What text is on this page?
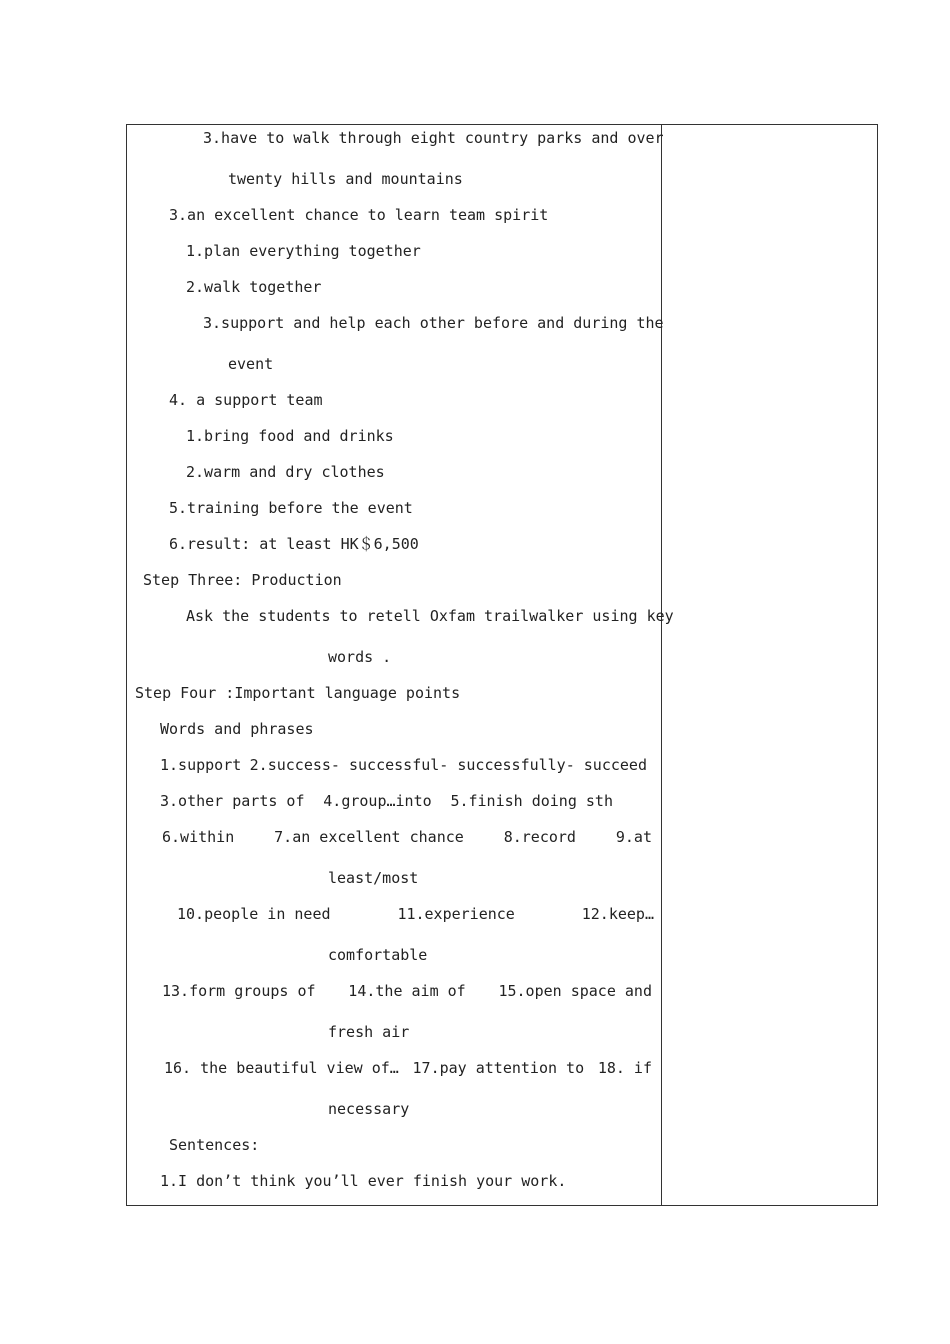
3.have to walk through eight country parks and over
twenty hills and mountains
3.an excellent chance to learn team spirit
1.plan everything together
2.walk together
3.support and help each other before and during the
event
4. a support team
1.bring food and drinks
2.warm and dry clothes
5.training before the event
6.result: at least HK＄6,500
Step Three: Production
Ask the students to retell Oxfam trailwalker using key
words .
Step Four :Important language points
Words and phrases
1.support 2.success- successful- successfully- succeed
3.other parts of 4.group…into 5.finish doing sth
6.within	7.an excellent chance	8.record	9.at
least/most
10.people in need	11.experience	12.keep…
comfortable
13.form groups of 14.the aim of 15.open space and
fresh air
16. the beautiful view of… 17.pay attention to 18. if
necessary
Sentences:
1.I don’t think you’ll ever finish your work.
